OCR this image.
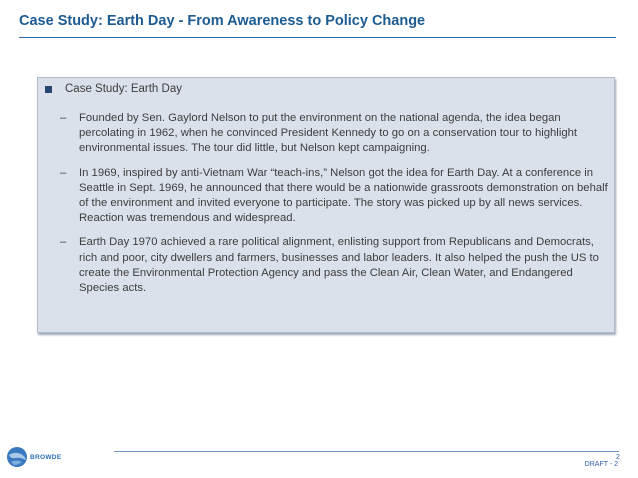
Case Study: Earth Day - From Awareness to Policy Change
Case Study: Earth Day
– Founded by Sen. Gaylord Nelson to put the environment on the national agenda, the idea began percolating in 1962, when he convinced President Kennedy to go on a conservation tour to highlight environmental issues. The tour did little, but Nelson kept campaigning.
– In 1969, inspired by anti-Vietnam War “teach-ins,” Nelson got the idea for Earth Day. At a conference in Seattle in Sept. 1969, he announced that there would be a nationwide grassroots demonstration on behalf of the environment and invited everyone to participate. The story was picked up by all news services. Reaction was tremendous and widespread.
– Earth Day 1970 achieved a rare political alignment, enlisting support from Republicans and Democrats, rich and poor, city dwellers and farmers, businesses and labor leaders. It also helped the push the US to create the Environmental Protection Agency and pass the Clean Air, Clean Water, and Endangered Species acts.
BROWDE	2
DRAFT - 2
